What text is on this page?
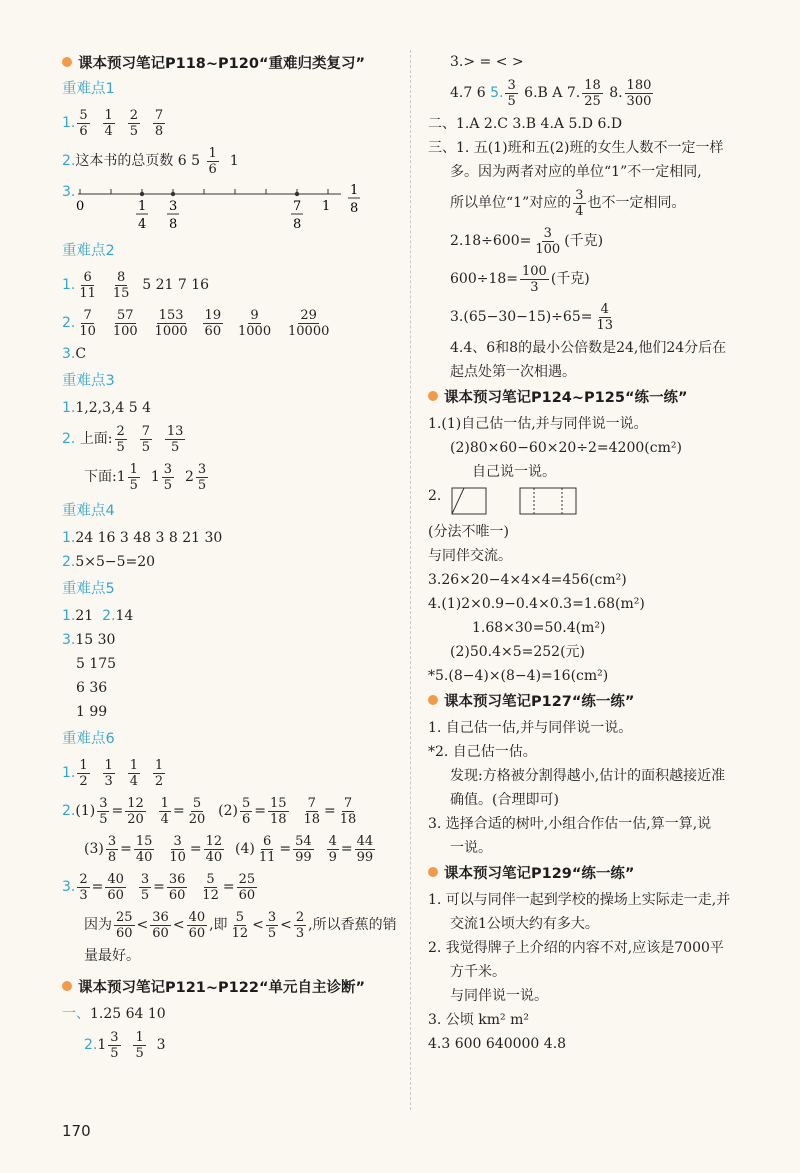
课本预习笔记P118~P120“重难归类复习”
重难点1
1. $\frac{5}{6}$
$\frac{1}{4}$
$\frac{2}{5}$
$\frac{7}{8}$
2.这本书的总页数 6 $5 \frac{1}{6} 1$
3.
0	1
1
4
3
8
7
8
1
8
重难点2
1. $\frac{6}{11}$
$\frac{8}{15} 5$ 21 7 16
2. $\frac{7}{10}$
$\frac{57}{100}$
$\frac{153}{1000}$
$\frac{19}{60}$
$\frac{9}{1000}$
$\frac{29}{10000}$
3.C
重难点3
1.1,2,3,4 5 4
2. 上面: $\frac{2}{5}$
$\frac{7}{5}$
$\frac{13}{5}$
下面:1 $\frac{1}{5} 1 \frac{3}{5} 2 \frac{3}{5}$
重难点4
1.24 16 3 48 3 8 21 30
2.5×5−5=20
重难点5
1.21 2.14
3.15 30
5 175
6 36
1 99
重难点6
1. $\frac{1}{2}$
$\frac{1}{3}$
$\frac{1}{4}$
$\frac{1}{2}$
$2.(1) \frac{3}{5} = \frac{12}{20}$
$\frac{1}{4} = \frac{5}{20} (2) \frac{5}{6} = \frac{15}{18}$
$\frac{7}{18} = \frac{7}{18}$
$(3) \frac{3}{8} = \frac{15}{40}$
$\frac{3}{10} = \frac{12}{40} (4) \frac{6}{11} = \frac{54}{99}$
$\frac{4}{9} = \frac{44}{99}$
3. $\frac{2}{3} = \frac{40}{60}$
$\frac{3}{5} = \frac{36}{60}$
$\frac{5}{12} = \frac{25}{60}$
因为 $\frac{25}{60} < \frac{36}{60} < \frac{40}{60}$ ,即 $\frac{5}{12} < \frac{3}{5} < \frac{2}{3}$ ,所以香蕉的销
量最好。
课本预习笔记P121~P122“单元自主诊断”
一、1.25 64 10
$2.1 \frac{3}{5}$
$\frac{1}{5} 3$
3.> = < >
4.7 6 5. $\frac{3}{5} 6.B$ A 7. $\frac{18}{25} 8$. $\frac{180}{300}$
二、1.A 2.C 3.B 4.A 5.D 6.D
三、1. 五(1)班和五(2)班的女生人数不一定一样
多。因为两者对应的单位“1”不一定相同,
所以单位“1”对应的 $\frac{3}{4}$ 也不一定相同。
$2.18\div 600= \frac{3}{100}$ (千克)
$600\div 18= \frac{100}{3}$ (千克)
$3.(65-30-15)\div 65= \frac{4}{13}$
4.4、6和8的最小公倍数是24,他们24分后在
起点处第一次相遇。
课本预习笔记P124~P125“练一练”
1.(1)自己估一估,并与同伴说一说。
(2)80×60−60×20÷2=4200(cm²)
自己说一说。
2.
(分法不唯一)
与同伴交流。
3.26×20−4×4×4=456(cm²)
4.(1)2×0.9−0.4×0.3=1.68(m²)
1.68×30=50.4(m²)
(2)50.4×5=252(元)
*5.(8−4)×(8−4)=16(cm²)
课本预习笔记P127“练一练”
1. 自己估一估,并与同伴说一说。
*2. 自己估一估。
发现:方格被分割得越小,估计的面积越接近准
确值。(合理即可)
3. 选择合适的树叶,小组合作估一估,算一算,说
一说。
课本预习笔记P129“练一练”
1. 可以与同伴一起到学校的操场上实际走一走,并
交流1公顷大约有多大。
2. 我觉得牌子上介绍的内容不对,应该是7000平
方千米。
与同伴说一说。
3. 公顷 km² m²
4.3 600 640000 4.8
170
